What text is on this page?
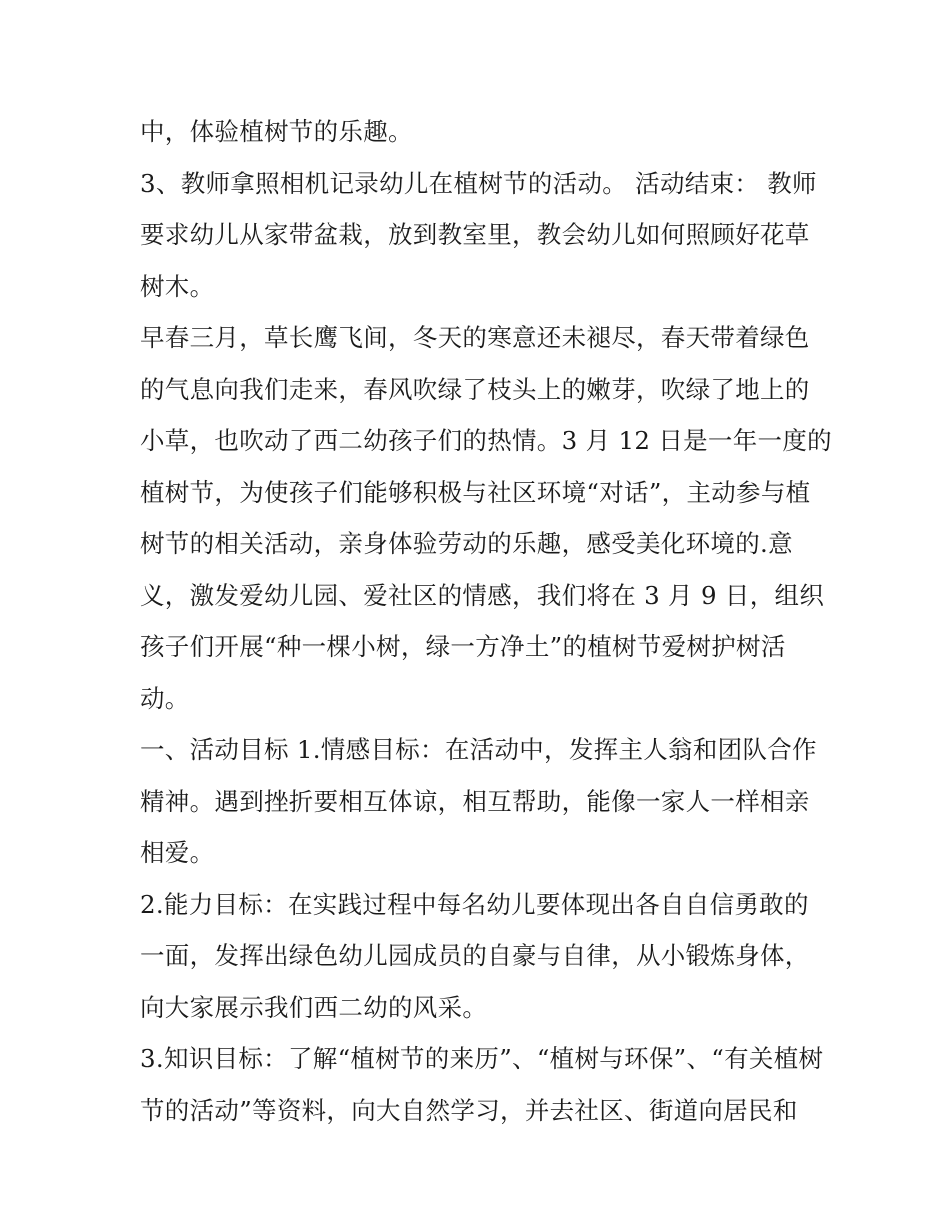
中，体验植树节的乐趣。
3、教师拿照相机记录幼儿在植树节的活动。 活动结束： 教师
要求幼儿从家带盆栽，放到教室里，教会幼儿如何照顾好花草
树木。
早春三月，草长鹰飞间，冬天的寒意还未褪尽，春天带着绿色
的气息向我们走来，春风吹绿了枝头上的嫩芽，吹绿了地上的
小草，也吹动了西二幼孩子们的热情。3 月 12 日是一年一度的
植树节，为使孩子们能够积极与社区环境“对话”，主动参与植
树节的相关活动，亲身体验劳动的乐趣，感受美化环境的.意
义，激发爱幼儿园、爱社区的情感，我们将在 3 月 9 日，组织
孩子们开展“种一棵小树，绿一方净土”的植树节爱树护树活
动。
一、活动目标 1.情感目标：在活动中，发挥主人翁和团队合作
精神。遇到挫折要相互体谅，相互帮助，能像一家人一样相亲
相爱。
2.能力目标：在实践过程中每名幼儿要体现出各自自信勇敢的
一面，发挥出绿色幼儿园成员的自豪与自律，从小锻炼身体，
向大家展示我们西二幼的风采。
3.知识目标：了解“植树节的来历”、“植树与环保”、“有关植树
节的活动”等资料，向大自然学习，并去社区、街道向居民和
